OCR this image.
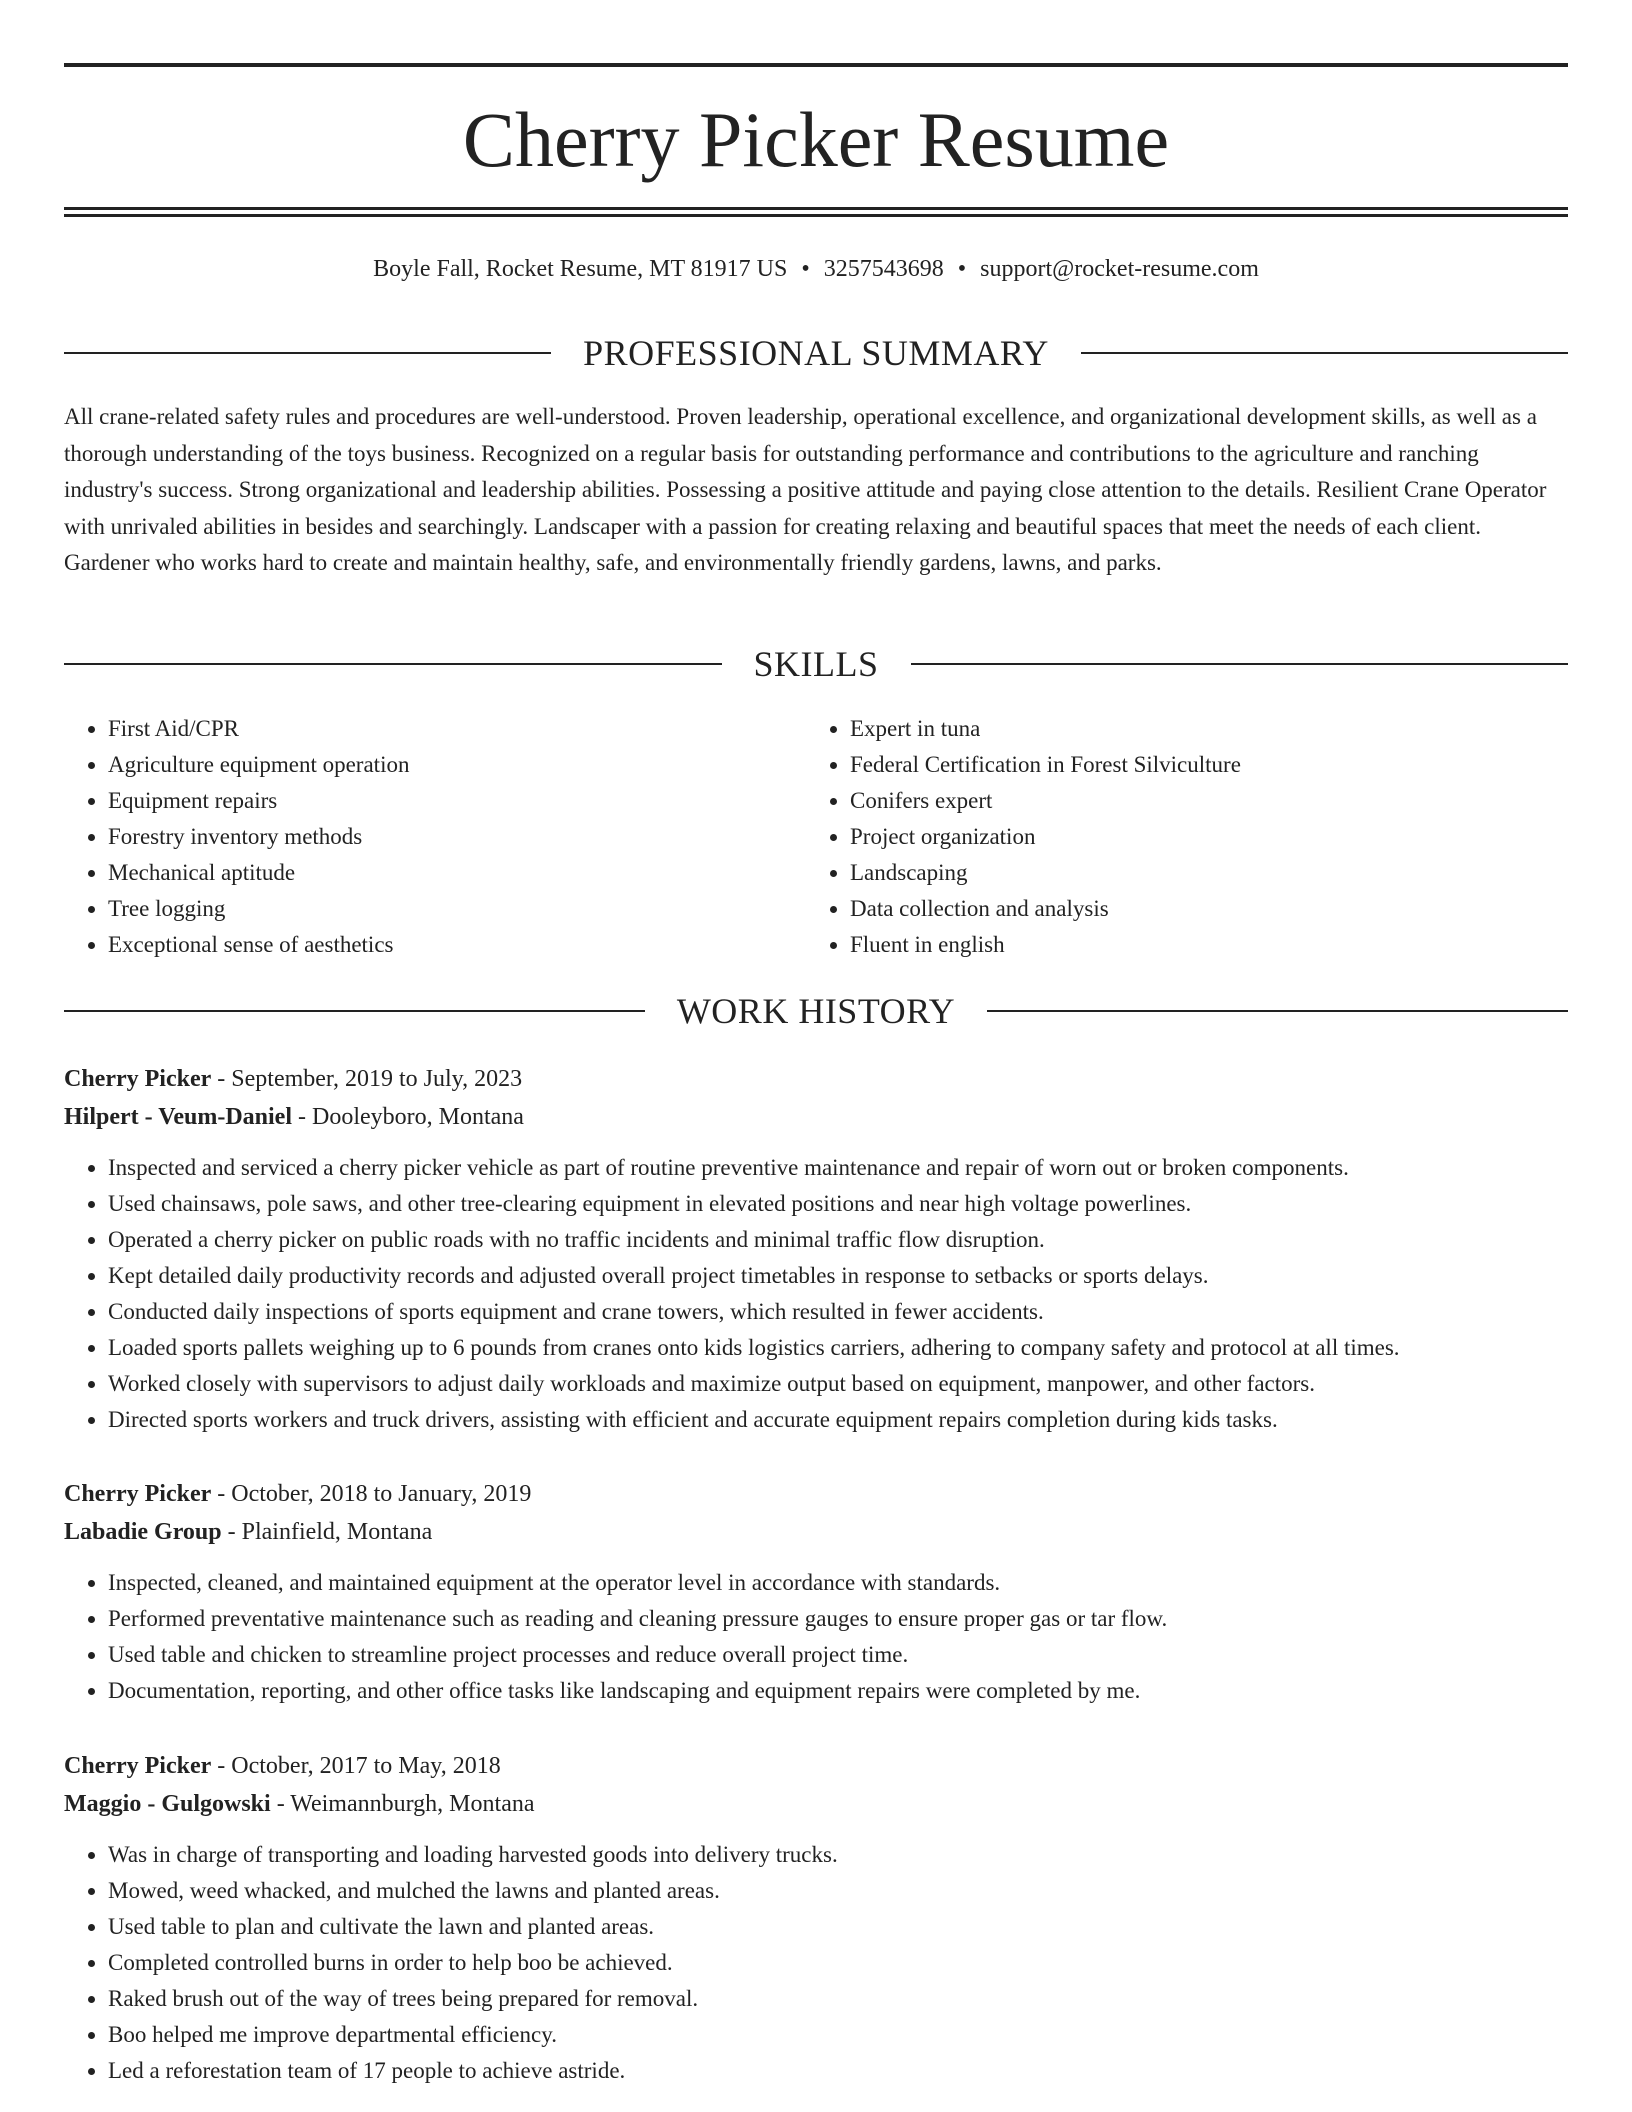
Cherry Picker Resume
Boyle Fall, Rocket Resume, MT 81917 US • 3257543698 • support@rocket-resume.com
PROFESSIONAL SUMMARY

All crane-related safety rules and procedures are well-understood. Proven leadership, operational excellence, and organizational development skills, as well as a thorough understanding of the toys business. Recognized on a regular basis for outstanding performance and contributions to the agriculture and ranching industry's success. Strong organizational and leadership abilities. Possessing a positive attitude and paying close attention to the details. Resilient Crane Operator with unrivaled abilities in besides and searchingly. Landscaper with a passion for creating relaxing and beautiful spaces that meet the needs of each client. Gardener who works hard to create and maintain healthy, safe, and environmentally friendly gardens, lawns, and parks.

SKILLS
• First Aid/CPR
• Agriculture equipment operation
• Equipment repairs
• Forestry inventory methods
• Mechanical aptitude
• Tree logging
• Exceptional sense of aesthetics
• Expert in tuna
• Federal Certification in Forest Silviculture
• Conifers expert
• Project organization
• Landscaping
• Data collection and analysis
• Fluent in english
WORK HISTORY
Cherry Picker - September, 2019 to July, 2023
Hilpert - Veum-Daniel - Dooleyboro, Montana
• Inspected and serviced a cherry picker vehicle as part of routine preventive maintenance and repair of worn out or broken components.
• Used chainsaws, pole saws, and other tree-clearing equipment in elevated positions and near high voltage powerlines.
• Operated a cherry picker on public roads with no traffic incidents and minimal traffic flow disruption.
• Kept detailed daily productivity records and adjusted overall project timetables in response to setbacks or sports delays.
• Conducted daily inspections of sports equipment and crane towers, which resulted in fewer accidents.
• Loaded sports pallets weighing up to 6 pounds from cranes onto kids logistics carriers, adhering to company safety and protocol at all times.
• Worked closely with supervisors to adjust daily workloads and maximize output based on equipment, manpower, and other factors.
• Directed sports workers and truck drivers, assisting with efficient and accurate equipment repairs completion during kids tasks.
Cherry Picker - October, 2018 to January, 2019
Labadie Group - Plainfield, Montana
• Inspected, cleaned, and maintained equipment at the operator level in accordance with standards.
• Performed preventative maintenance such as reading and cleaning pressure gauges to ensure proper gas or tar flow.
• Used table and chicken to streamline project processes and reduce overall project time.
• Documentation, reporting, and other office tasks like landscaping and equipment repairs were completed by me.
Cherry Picker - October, 2017 to May, 2018
Maggio - Gulgowski - Weimannburgh, Montana
• Was in charge of transporting and loading harvested goods into delivery trucks.
• Mowed, weed whacked, and mulched the lawns and planted areas.
• Used table to plan and cultivate the lawn and planted areas.
• Completed controlled burns in order to help boo be achieved.
• Raked brush out of the way of trees being prepared for removal.
• Boo helped me improve departmental efficiency.
• Led a reforestation team of 17 people to achieve astride.
